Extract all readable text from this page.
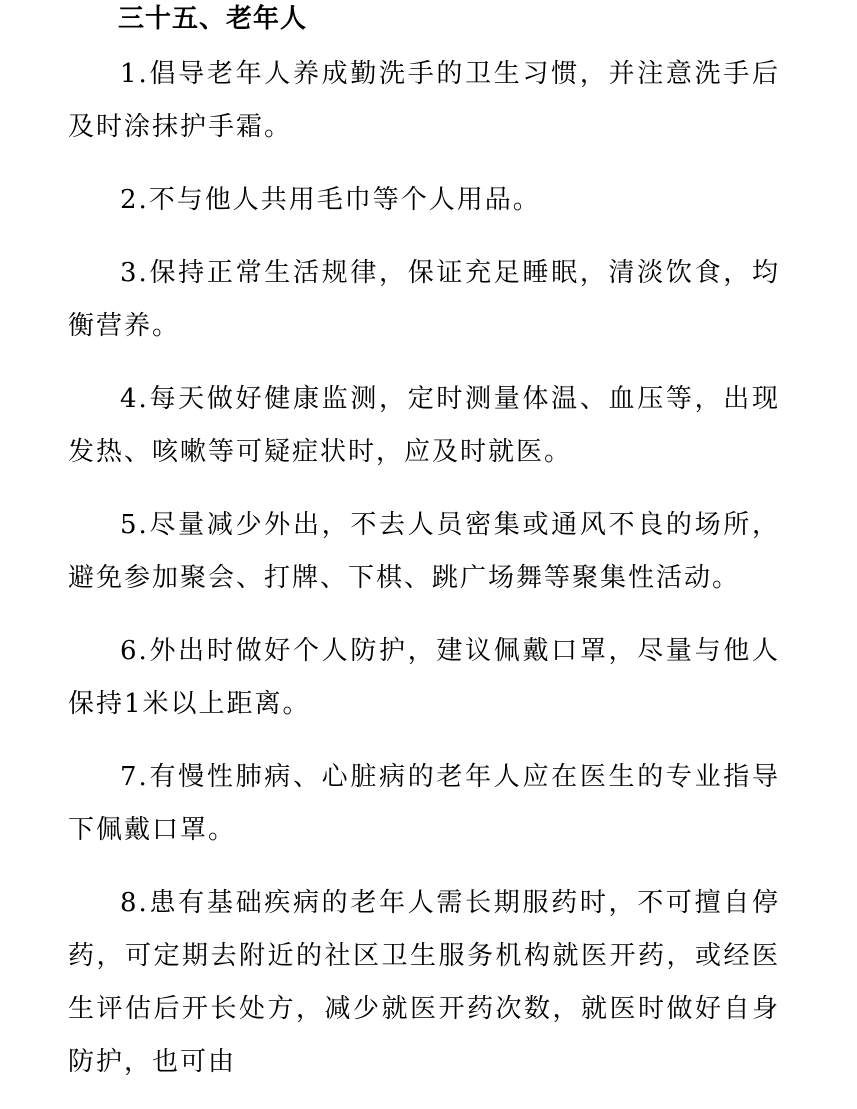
三十五、老年人

1.倡导老年人养成勤洗手的卫生习惯，并注意洗手后及时涂抹护手霜。

2.不与他人共用毛巾等个人用品。

3.保持正常生活规律，保证充足睡眠，清淡饮食，均衡营养。

4.每天做好健康监测，定时测量体温、血压等，出现发热、咳嗽等可疑症状时，应及时就医。

5.尽量减少外出，不去人员密集或通风不良的场所，避免参加聚会、打牌、下棋、跳广场舞等聚集性活动。

6.外出时做好个人防护，建议佩戴口罩，尽量与他人保持1米以上距离。

7.有慢性肺病、心脏病的老年人应在医生的专业指导下佩戴口罩。

8.患有基础疾病的老年人需长期服药时，不可擅自停药，可定期去附近的社区卫生服务机构就医开药，或经医生评估后开长处方，减少就医开药次数，就医时做好自身防护，也可由
